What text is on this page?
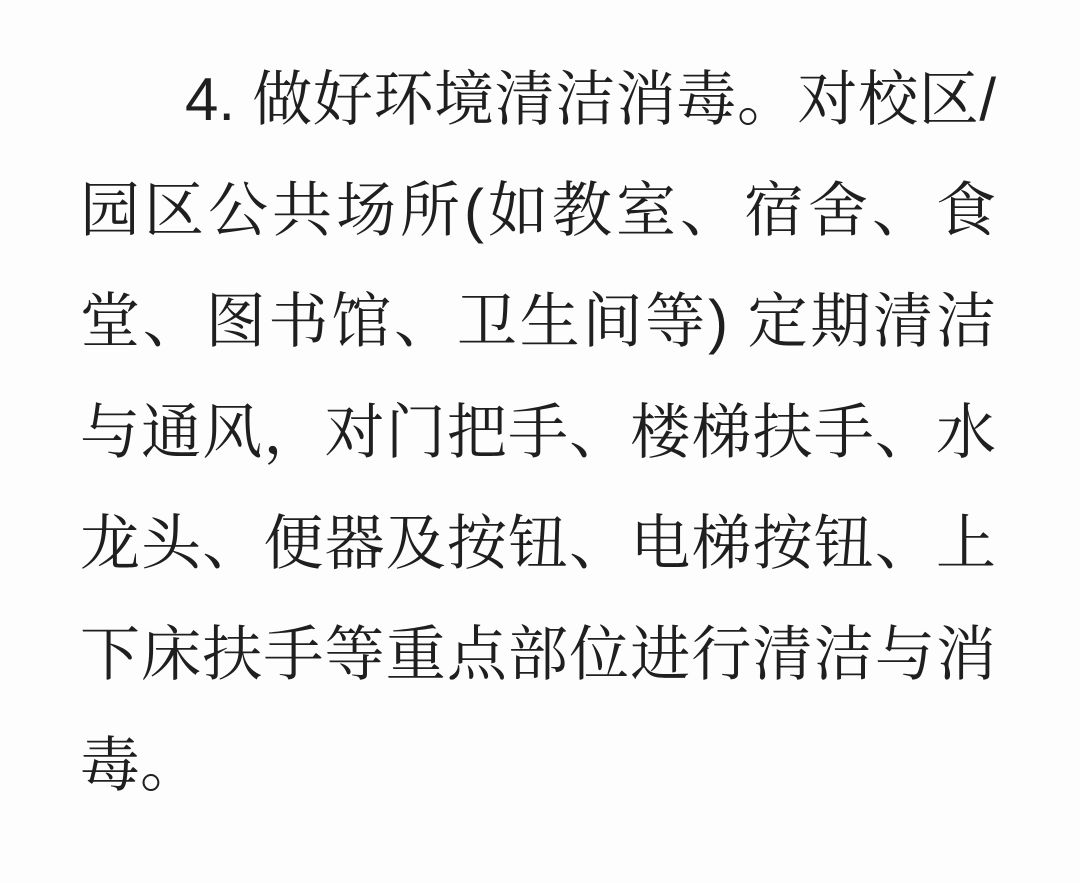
4. 做好环境清洁消毒。对校区/
园区公共场所(如教室、宿舍、食
堂、图书馆、卫生间等) 定期清洁
与通风，对门把手、楼梯扶手、水
龙头、便器及按钮、电梯按钮、上
下床扶手等重点部位进行清洁与消
毒。
